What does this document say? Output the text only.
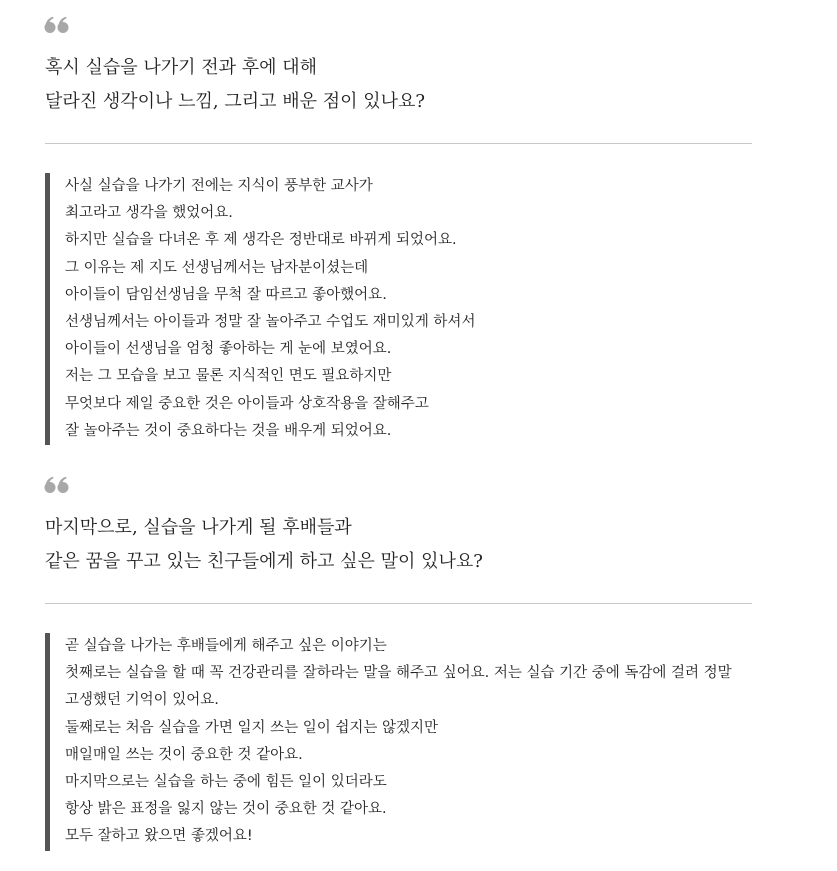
혹시 실습을 나가기 전과 후에 대해
달라진 생각이나 느낌, 그리고 배운 점이 있나요?
사실 실습을 나가기 전에는 지식이 풍부한 교사가
최고라고 생각을 했었어요.
하지만 실습을 다녀온 후 제 생각은 정반대로 바뀌게 되었어요.
그 이유는 제 지도 선생님께서는 남자분이셨는데
아이들이 담임선생님을 무척 잘 따르고 좋아했어요.
선생님께서는 아이들과 정말 잘 놀아주고 수업도 재미있게 하셔서
아이들이 선생님을 엄청 좋아하는 게 눈에 보였어요.
저는 그 모습을 보고 물론 지식적인 면도 필요하지만
무엇보다 제일 중요한 것은 아이들과 상호작용을 잘해주고
잘 놀아주는 것이 중요하다는 것을 배우게 되었어요.
마지막으로, 실습을 나가게 될 후배들과
같은 꿈을 꾸고 있는 친구들에게 하고 싶은 말이 있나요?
곧 실습을 나가는 후배들에게 해주고 싶은 이야기는
첫째로는 실습을 할 때 꼭 건강관리를 잘하라는 말을 해주고 싶어요. 저는 실습 기간 중에 독감에 걸려 정말 고생했던 기억이 있어요.
둘째로는 처음 실습을 가면 일지 쓰는 일이 쉽지는 않겠지만
매일매일 쓰는 것이 중요한 것 같아요.
마지막으로는 실습을 하는 중에 힘든 일이 있더라도
항상 밝은 표정을 잃지 않는 것이 중요한 것 같아요.
모두 잘하고 왔으면 좋겠어요!
